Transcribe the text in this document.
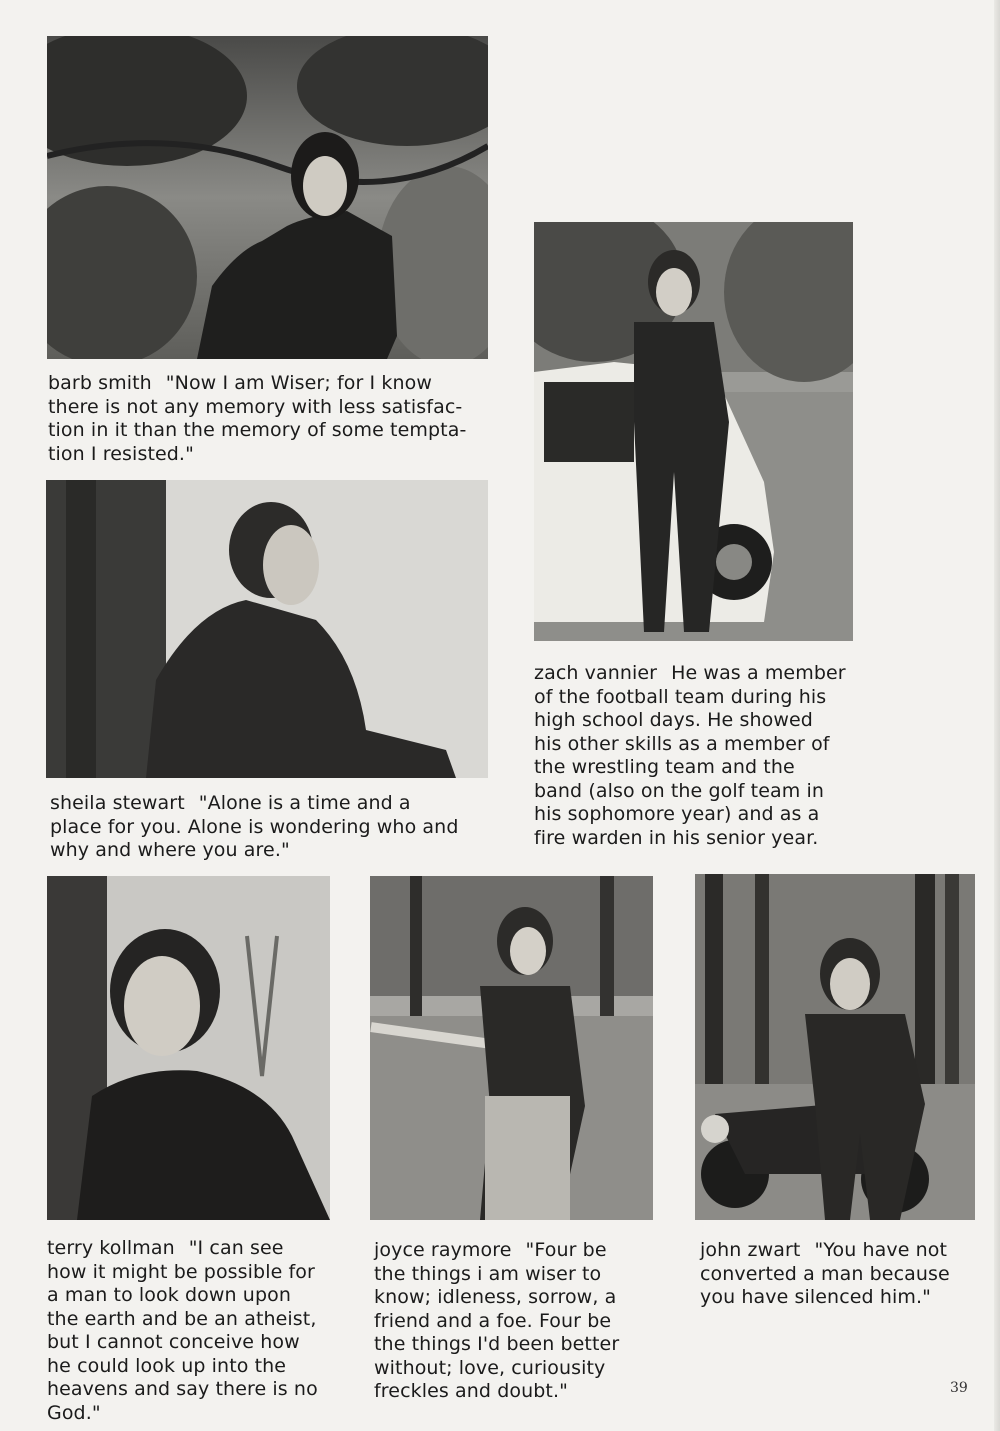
barb smith "Now I am Wiser; for I know
there is not any memory with less satisfac-
tion in it than the memory of some tempta-
tion I resisted."

zach vannier He was a member
of the football team during his
high school days. He showed
his other skills as a member of
the wrestling team and the
band (also on the golf team in
his sophomore year) and as a
fire warden in his senior year.

sheila stewart "Alone is a time and a
place for you. Alone is wondering who and
why and where you are."

terry kollman "I can see
how it might be possible for
a man to look down upon
the earth and be an atheist,
but I cannot conceive how
he could look up into the
heavens and say there is no
God."

joyce raymore "Four be
the things i am wiser to
know; idleness, sorrow, a
friend and a foe. Four be
the things I'd been better
without; love, curiousity
freckles and doubt."

john zwart "You have not
converted a man because
you have silenced him."

39
